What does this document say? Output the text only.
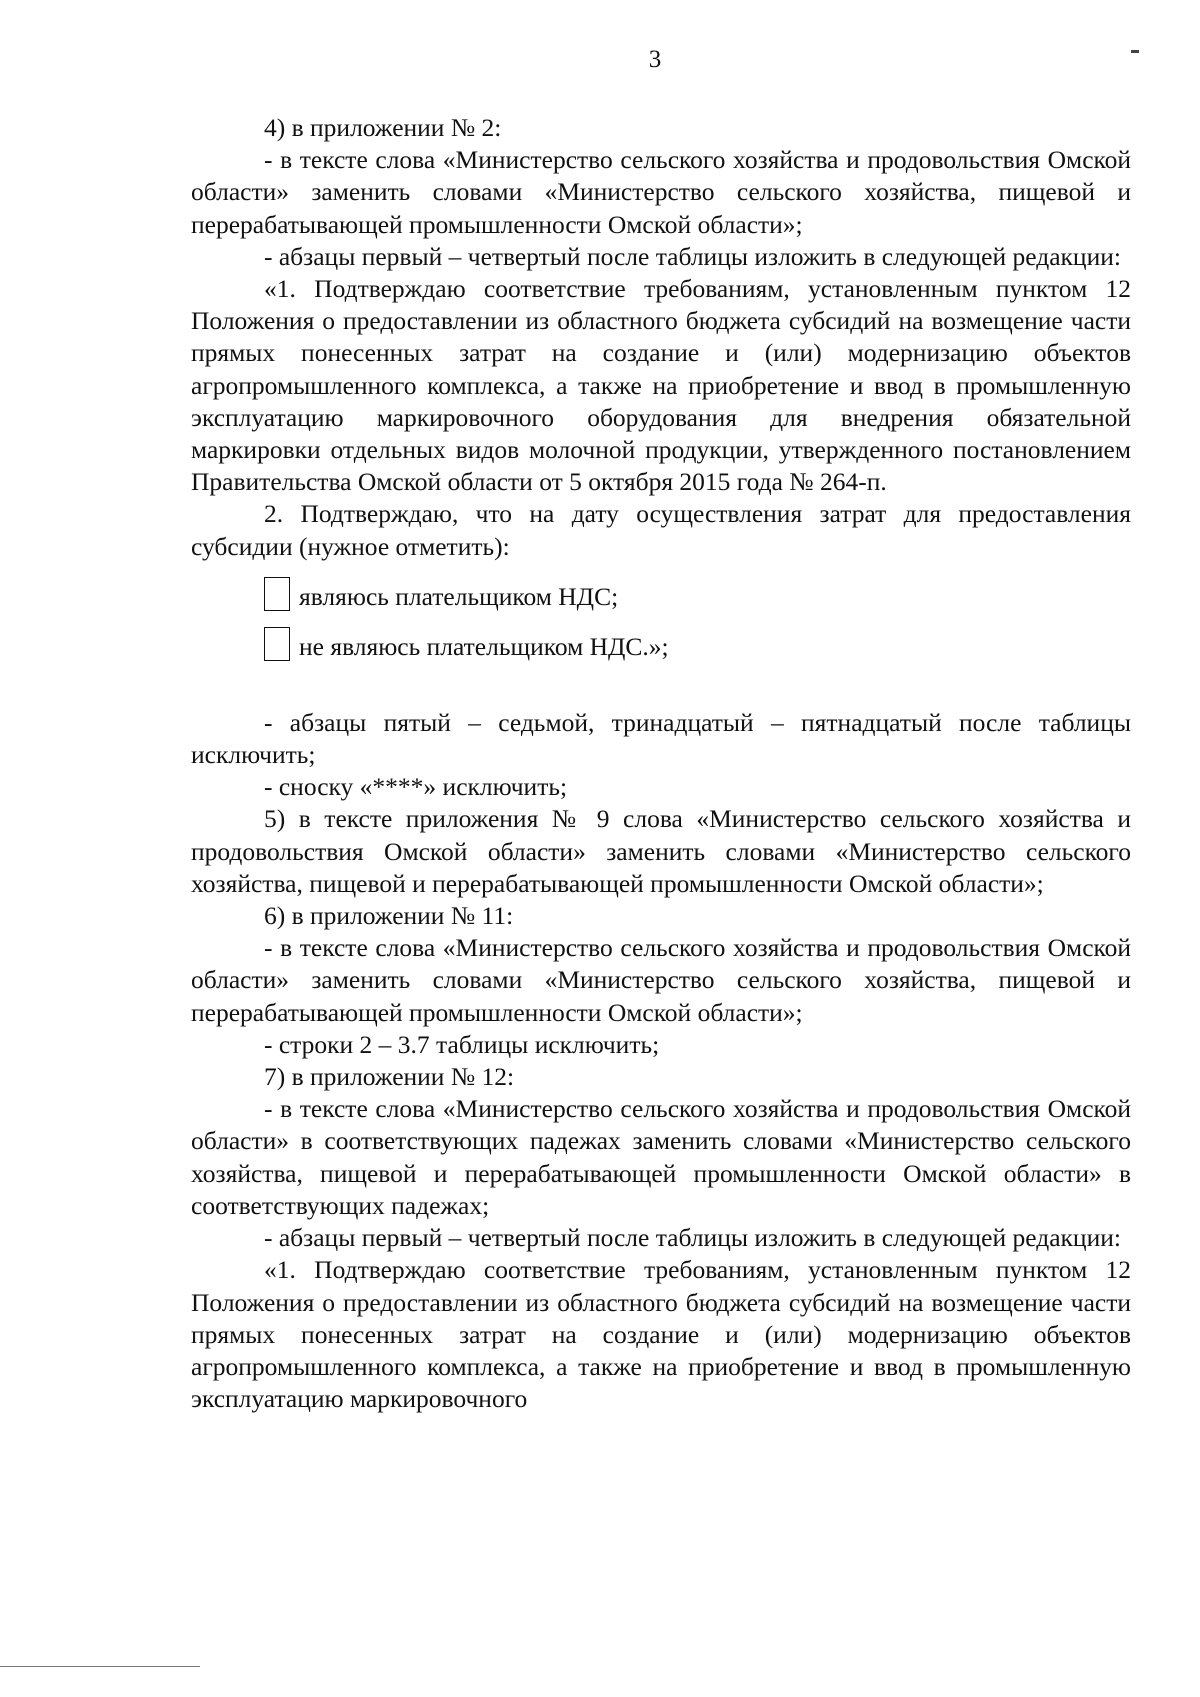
3

4) в приложении № 2:

- в тексте слова «Министерство сельского хозяйства и продовольствия Омской области» заменить словами «Министерство сельского хозяйства, пищевой и перерабатывающей промышленности Омской области»;

- абзацы первый – четвертый после таблицы изложить в следующей редакции:

«1. Подтверждаю соответствие требованиям, установленным пунктом 12 Положения о предоставлении из областного бюджета субсидий на возмещение части прямых понесенных затрат на создание и (или) модернизацию объектов агропромышленного комплекса, а также на приобретение и ввод в промышленную эксплуатацию маркировочного оборудования для внедрения обязательной маркировки отдельных видов молочной продукции, утвержденного постановлением Правительства Омской области от 5 октября 2015 года № 264-п.

2. Подтверждаю, что на дату осуществления затрат для предоставления субсидии (нужное отметить):

являюсь плательщиком НДС;
не являюсь плательщиком НДС.»;

- абзацы пятый – седьмой, тринадцатый – пятнадцатый после таблицы исключить;

- сноску «****» исключить;

5) в тексте приложения № 9 слова «Министерство сельского хозяйства и продовольствия Омской области» заменить словами «Министерство сельского хозяйства, пищевой и перерабатывающей промышленности Омской области»;

6) в приложении № 11:

- в тексте слова «Министерство сельского хозяйства и продовольствия Омской области» заменить словами «Министерство сельского хозяйства, пищевой и перерабатывающей промышленности Омской области»;

- строки 2 – 3.7 таблицы исключить;

7) в приложении № 12:

- в тексте слова «Министерство сельского хозяйства и продовольствия Омской области» в соответствующих падежах заменить словами «Министерство сельского хозяйства, пищевой и перерабатывающей промышленности Омской области» в соответствующих падежах;

- абзацы первый – четвертый после таблицы изложить в следующей редакции:

«1. Подтверждаю соответствие требованиям, установленным пунктом 12 Положения о предоставлении из областного бюджета субсидий на возмещение части прямых понесенных затрат на создание и (или) модернизацию объектов агропромышленного комплекса, а также на приобретение и ввод в промышленную эксплуатацию маркировочного
